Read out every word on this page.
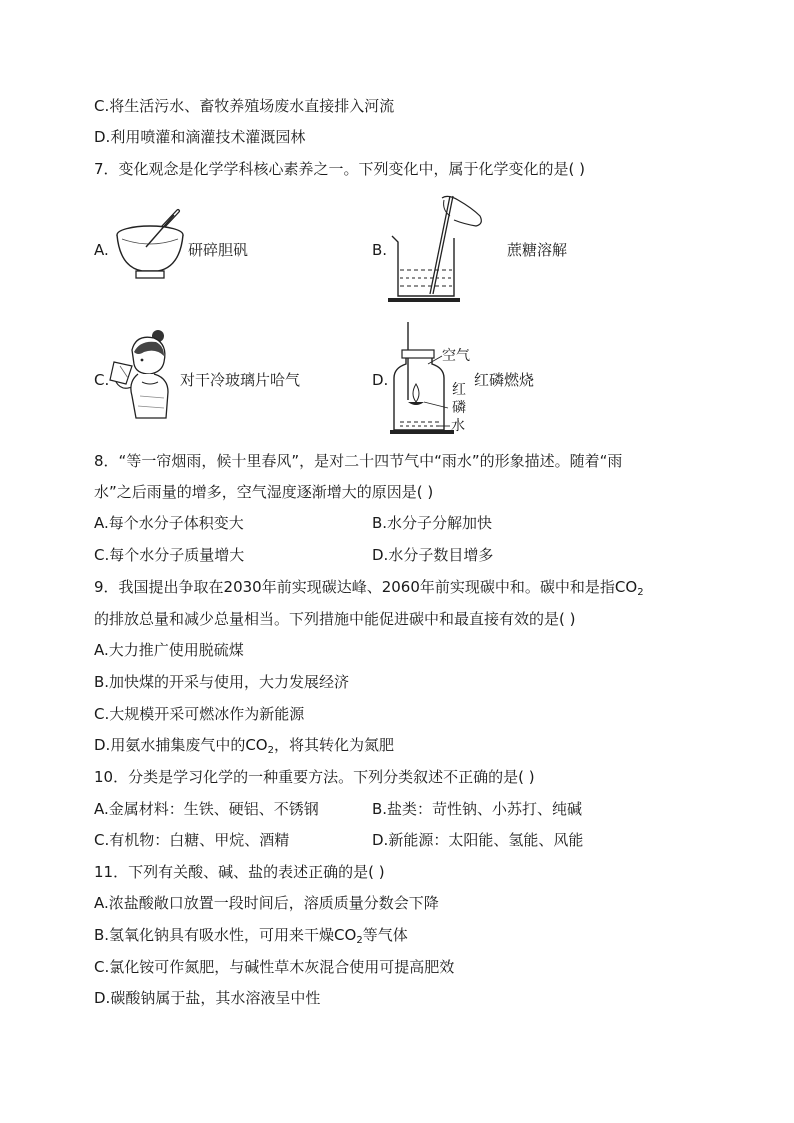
C.将生活污水、畜牧养殖场废水直接排入河流
D.利用喷灌和滴灌技术灌溉园林
7．变化观念是化学学科核心素养之一。下列变化中，属于化学变化的是( )
A.	研碎胆矾	B.	蔗糖溶解
C.	对干冷玻璃片哈气	D.
空气
红
磷
水
红磷燃烧
8．“等一帘烟雨，候十里春风”，是对二十四节气中“雨水”的形象描述。随着“雨
水”之后雨量的增多，空气湿度逐渐增大的原因是( )
A.每个水分子体积变大	B.水分子分解加快
C.每个水分子质量增大	D.水分子数目增多
9．我国提出争取在2030年前实现碳达峰、2060年前实现碳中和。碳中和是指$CO_2$
的排放总量和减少总量相当。下列措施中能促进碳中和最直接有效的是( )
A.大力推广使用脱硫煤
B.加快煤的开采与使用，大力发展经济
C.大规模开采可燃冰作为新能源
D.用氨水捕集废气中的$CO_2$，将其转化为氮肥
10．分类是学习化学的一种重要方法。下列分类叙述不正确的是( )
A.金属材料：生铁、硬铝、不锈钢	B.盐类：苛性钠、小苏打、纯碱
C.有机物：白糖、甲烷、酒精	D.新能源：太阳能、氢能、风能
11．下列有关酸、碱、盐的表述正确的是( )
A.浓盐酸敞口放置一段时间后，溶质质量分数会下降
B.氢氧化钠具有吸水性，可用来干燥$CO_2$等气体
C.氯化铵可作氮肥，与碱性草木灰混合使用可提高肥效
D.碳酸钠属于盐，其水溶液呈中性
